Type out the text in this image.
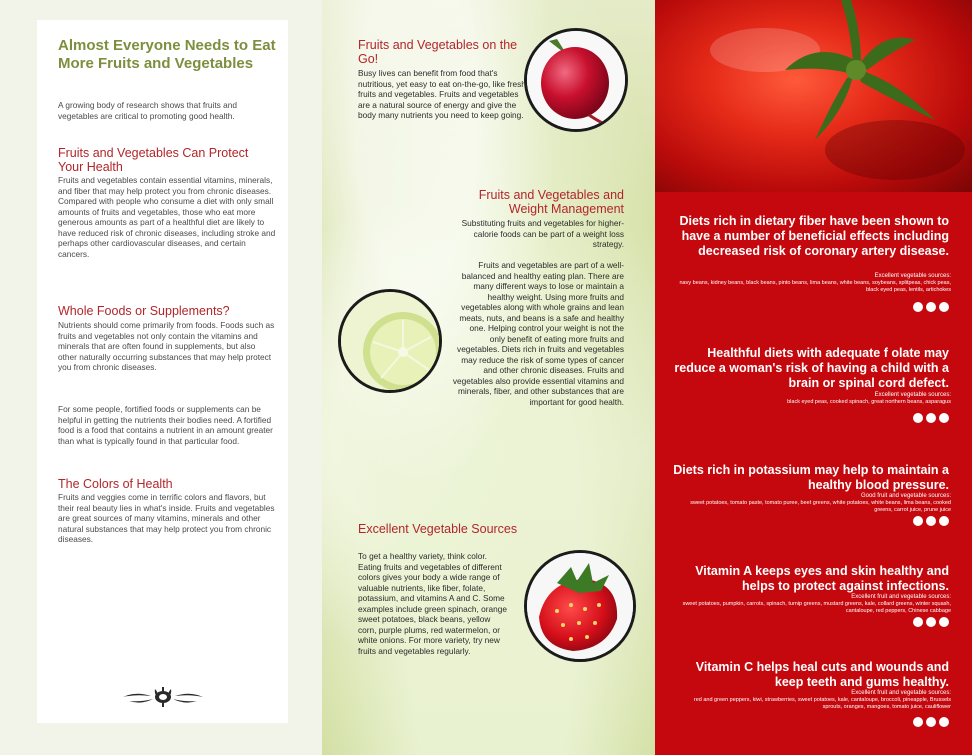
Almost Everyone Needs to Eat More Fruits and Vegetables

A growing body of research shows that fruits and vegetables are critical to promoting good health.

Fruits and Vegetables Can Protect Your Health

Fruits and vegetables contain essential vitamins, minerals, and fiber that may help protect you from chronic diseases. Compared with people who consume a diet with only small amounts of fruits and vegetables, those who eat more generous amounts as part of a healthful diet are likely to have reduced risk of chronic diseases, including stroke and perhaps other cardiovascular diseases, and certain cancers.

Whole Foods or Supplements?

Nutrients should come primarily from foods. Foods such as fruits and vegetables not only contain the vitamins and minerals that are often found in supplements, but also other naturally occurring substances that may help protect you from chronic diseases.

For some people, fortified foods or supplements can be helpful in getting the nutrients their bodies need. A fortified food is a food that contains a nutrient in an amount greater than what is typically found in that particular food.

The Colors of Health

Fruits and veggies come in terrific colors and flavors, but their real beauty lies in what's inside. Fruits and vegetables are great sources of many vitamins, minerals and other natural substances that may help protect you from chronic diseases.

Fruits and Vegetables on the Go!

Busy lives can benefit from food that's nutritious, yet easy to eat on-the-go, like fresh fruits and vegetables. Fruits and vegetables are a natural source of energy and give the body many nutrients you need to keep going.

Fruits and Vegetables and Weight Management

Substituting fruits and vegetables for higher-calorie foods can be part of a weight loss strategy.

Fruits and vegetables are part of a well-balanced and healthy eating plan. There are many different ways to lose or maintain a healthy weight. Using more fruits and vegetables along with whole grains and lean meats, nuts, and beans is a safe and healthy one. Helping control your weight is not the only benefit of eating more fruits and vegetables. Diets rich in fruits and vegetables may reduce the risk of some types of cancer and other chronic diseases. Fruits and vegetables also provide essential vitamins and minerals, fiber, and other substances that are important for good health.

Excellent Vegetable Sources

To get a healthy variety, think color. Eating fruits and vegetables of different colors gives your body a wide range of valuable nutrients, like fiber, folate, potassium, and vitamins A and C. Some examples include green spinach, orange sweet potatoes, black beans, yellow corn, purple plums, red watermelon, or white onions. For more variety, try new fruits and vegetables regularly.

Diets rich in dietary fiber have been shown to have a number of beneficial effects including decreased risk of coronary artery disease.
Excellent vegetable sources:
navy beans, kidney beans, black beans, pinto beans, lima beans, white beans, soybeans, splitpeas, chick peas, black eyed peas, lentils, artichokes
Healthful diets with adequate f olate may reduce a woman's risk of having a child with a brain or spinal cord defect.
Excellent vegetable sources:
black eyed peas, cooked spinach, great northern beans, asparagus
Diets rich in potassium may help to maintain a healthy blood pressure.
Good fruit and vegetable sources:
sweet potatoes, tomato paste, tomato puree, beet greens, white potatoes, white beans, lima beans, cooked greens, carrot juice, prune juice
Vitamin A keeps eyes and skin healthy and helps to protect against infections.
Excellent fruit and vegetable sources:
sweet potatoes, pumpkin, carrots, spinach, turnip greens, mustard greens, kale, collard greens, winter squash, cantaloupe, red peppers, Chinese cabbage
Vitamin C helps heal cuts and wounds and keep teeth and gums healthy.
Excellent fruit and vegetable sources:
red and green peppers, kiwi, strawberries, sweet potatoes, kale, cantaloupe, broccoli, pineapple, Brussels sprouts, oranges, mangoes, tomato juice, cauliflower
